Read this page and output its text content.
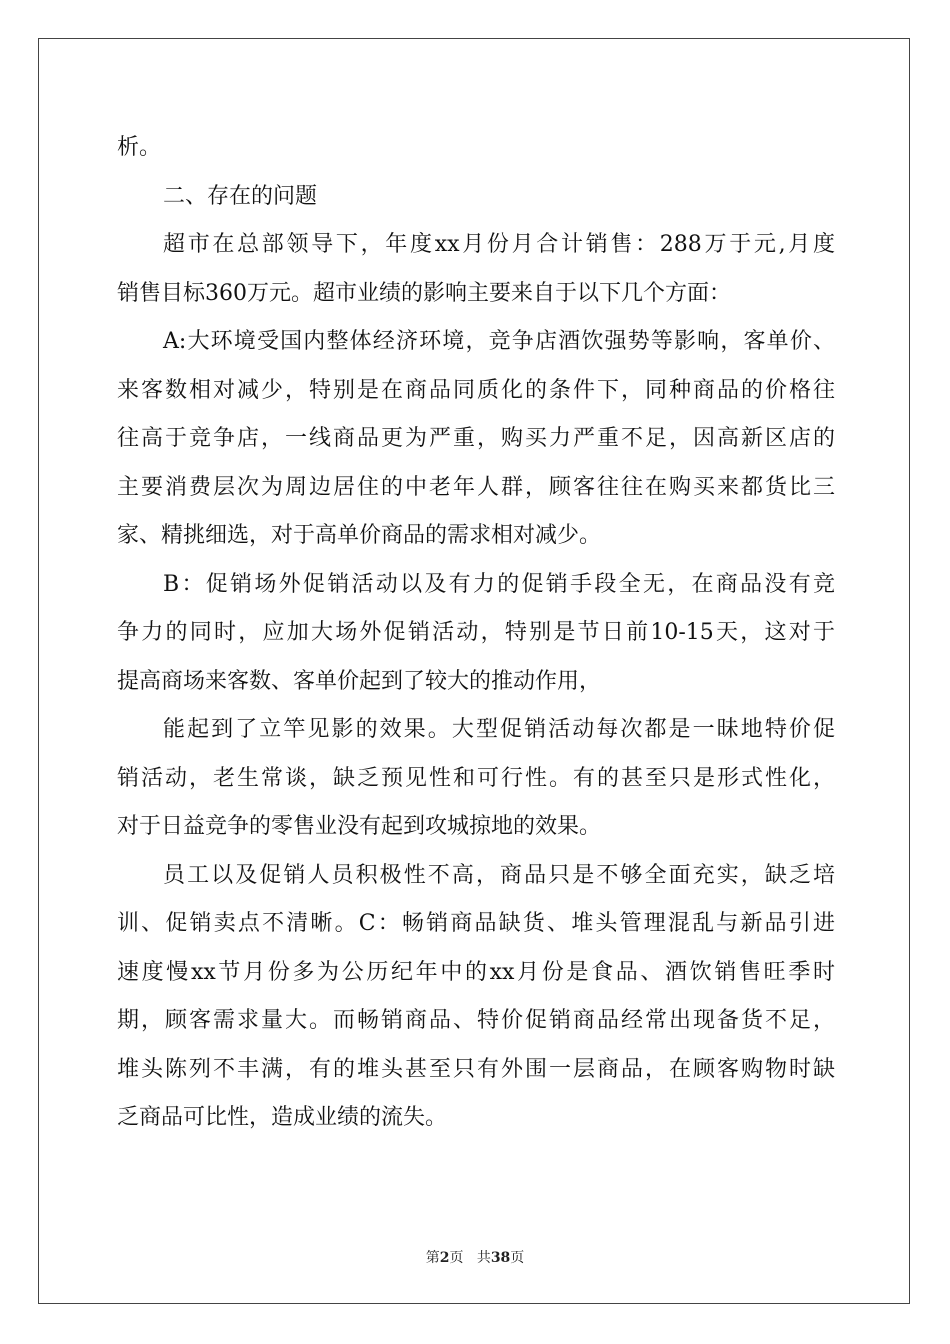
析。
二、存在的问题
超市在总部领导下，年度xx月份月合计销售：288万于元,月度
销售目标360万元。超市业绩的影响主要来自于以下几个方面：
A:大环境受国内整体经济环境，竞争店酒饮强势等影响，客单价、
来客数相对减少，特别是在商品同质化的条件下，同种商品的价格往
往高于竞争店，一线商品更为严重，购买力严重不足，因高新区店的
主要消费层次为周边居住的中老年人群，顾客往往在购买来都货比三
家、精挑细选，对于高单价商品的需求相对减少。
B：促销场外促销活动以及有力的促销手段全无，在商品没有竞
争力的同时，应加大场外促销活动，特别是节日前10-15天，这对于
提高商场来客数、客单价起到了较大的推动作用，
能起到了立竿见影的效果。大型促销活动每次都是一昧地特价促
销活动，老生常谈，缺乏预见性和可行性。有的甚至只是形式性化，
对于日益竞争的零售业没有起到攻城掠地的效果。
员工以及促销人员积极性不高，商品只是不够全面充实，缺乏培
训、促销卖点不清晰。C：畅销商品缺货、堆头管理混乱与新品引进
速度慢xx节月份多为公历纪年中的xx月份是食品、酒饮销售旺季时
期，顾客需求量大。而畅销商品、特价促销商品经常出现备货不足，
堆头陈列不丰满，有的堆头甚至只有外围一层商品，在顾客购物时缺
乏商品可比性，造成业绩的流失。
第2页 共38页
